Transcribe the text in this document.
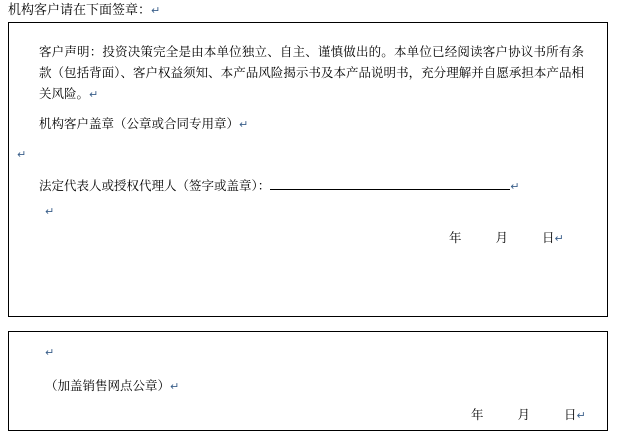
机构客户请在下面签章：↵
客户声明：投资决策完全是由本单位独立、自主、谨慎做出的。本单位已经阅读客户协议书所有条款（包括背面）、客户权益须知、本产品风险揭示书及本产品说明书，充分理解并自愿承担本产品相关风险。↵
机构客户盖章（公章或合同专用章）↵
↵
法定代表人或授权代理人（签字或盖章）：	↵
↵
年	月	日↵
↵
（加盖销售网点公章）↵
年	月	日↵
